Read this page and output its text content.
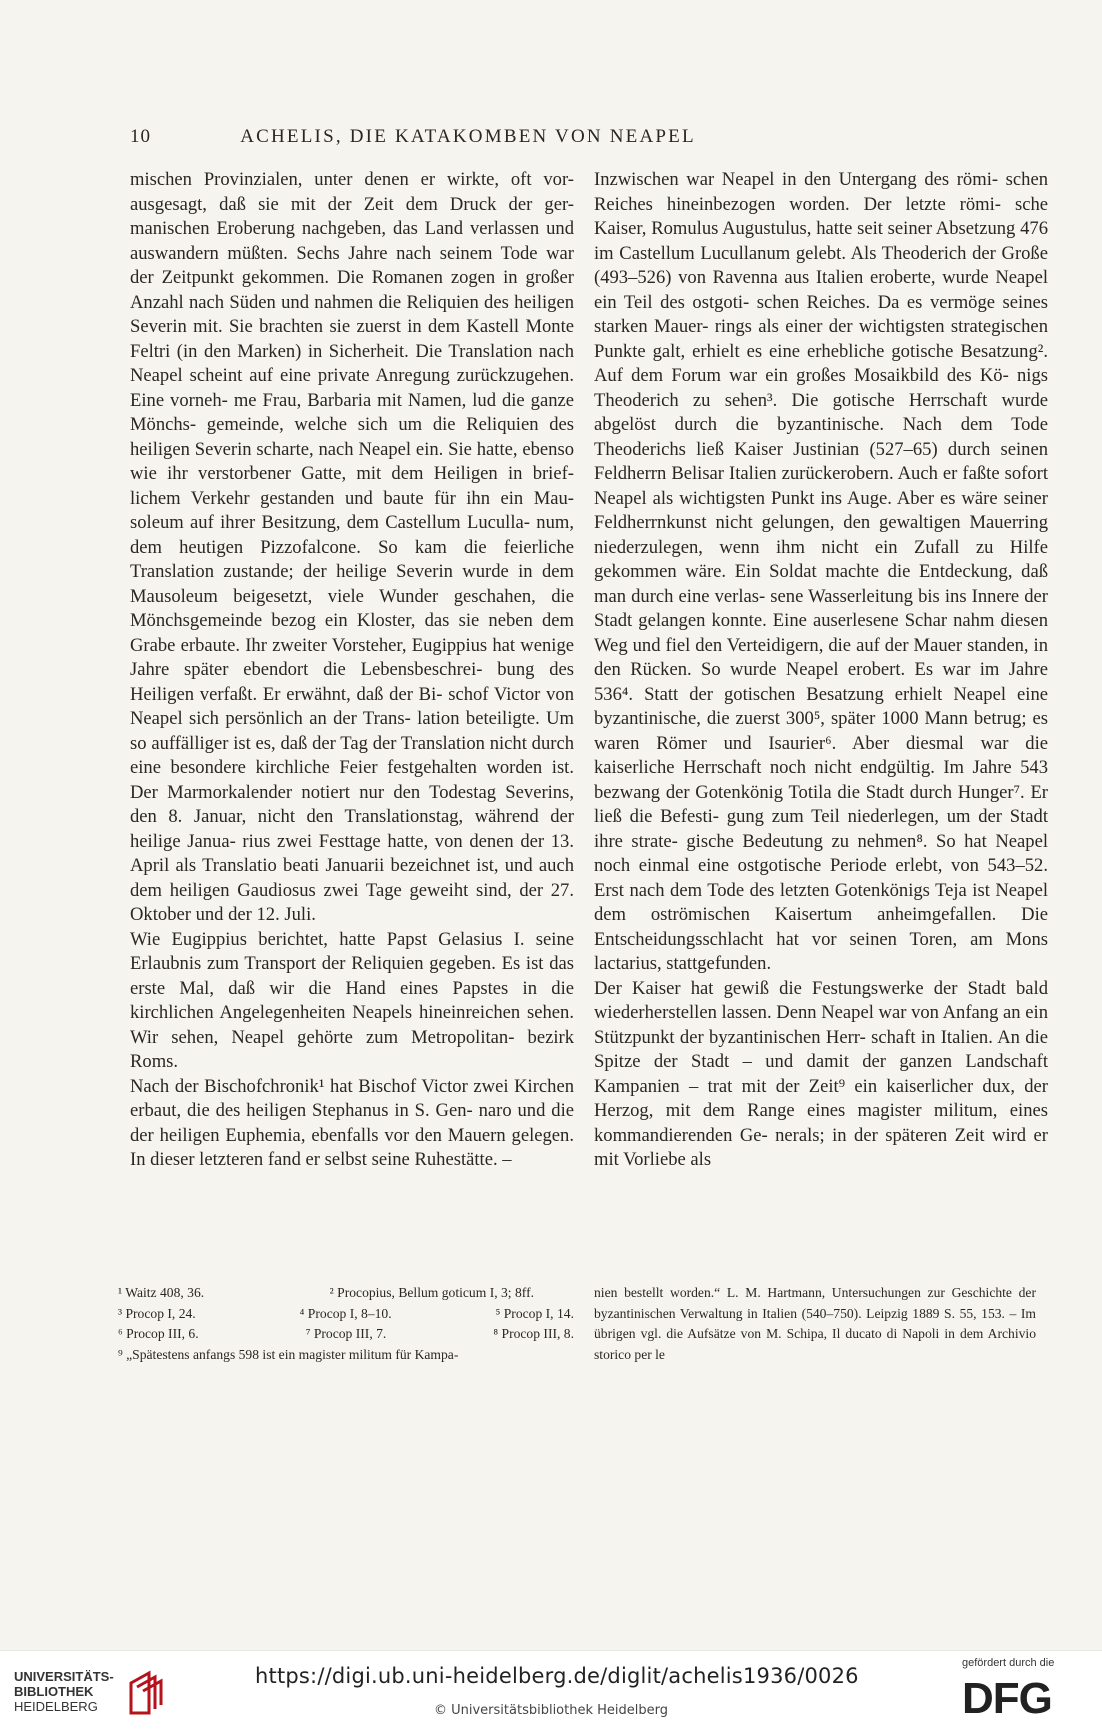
10	ACHELIS, DIE KATAKOMBEN VON NEAPEL

mischen Provinzialen, unter denen er wirkte, oft vor- ausgesagt, daß sie mit der Zeit dem Druck der ger- manischen Eroberung nachgeben, das Land verlassen und auswandern müßten. Sechs Jahre nach seinem Tode war der Zeitpunkt gekommen. Die Romanen zogen in großer Anzahl nach Süden und nahmen die Reliquien des heiligen Severin mit. Sie brachten sie zuerst in dem Kastell Monte Feltri (in den Marken) in Sicherheit. Die Translation nach Neapel scheint auf eine private Anregung zurückzugehen. Eine vorneh- me Frau, Barbaria mit Namen, lud die ganze Mönchs- gemeinde, welche sich um die Reliquien des heiligen Severin scharte, nach Neapel ein. Sie hatte, ebenso wie ihr verstorbener Gatte, mit dem Heiligen in brief- lichem Verkehr gestanden und baute für ihn ein Mau- soleum auf ihrer Besitzung, dem Castellum Luculla- num, dem heutigen Pizzofalcone. So kam die feierliche Translation zustande; der heilige Severin wurde in dem Mausoleum beigesetzt, viele Wunder geschahen, die Mönchsgemeinde bezog ein Kloster, das sie neben dem Grabe erbaute. Ihr zweiter Vorsteher, Eugippius hat wenige Jahre später ebendort die Lebensbeschrei- bung des Heiligen verfaßt. Er erwähnt, daß der Bi- schof Victor von Neapel sich persönlich an der Trans- lation beteiligte. Um so auffälliger ist es, daß der Tag der Translation nicht durch eine besondere kirchliche Feier festgehalten worden ist. Der Marmorkalender notiert nur den Todestag Severins, den 8. Januar, nicht den Translationstag, während der heilige Janua- rius zwei Festtage hatte, von denen der 13. April als Translatio beati Januarii bezeichnet ist, und auch dem heiligen Gaudiosus zwei Tage geweiht sind, der 27. Oktober und der 12. Juli.

Wie Eugippius berichtet, hatte Papst Gelasius I. seine Erlaubnis zum Transport der Reliquien gegeben. Es ist das erste Mal, daß wir die Hand eines Papstes in die kirchlichen Angelegenheiten Neapels hineinreichen sehen. Wir sehen, Neapel gehörte zum Metropolitan- bezirk Roms.

Nach der Bischofchronik¹ hat Bischof Victor zwei Kirchen erbaut, die des heiligen Stephanus in S. Gen- naro und die der heiligen Euphemia, ebenfalls vor den Mauern gelegen. In dieser letzteren fand er selbst seine Ruhestätte. –

Inzwischen war Neapel in den Untergang des römi- schen Reiches hineinbezogen worden. Der letzte römi- sche Kaiser, Romulus Augustulus, hatte seit seiner Absetzung 476 im Castellum Lucullanum gelebt. Als Theoderich der Große (493–526) von Ravenna aus Italien eroberte, wurde Neapel ein Teil des ostgoti- schen Reiches. Da es vermöge seines starken Mauer- rings als einer der wichtigsten strategischen Punkte galt, erhielt es eine erhebliche gotische Besatzung². Auf dem Forum war ein großes Mosaikbild des Kö- nigs Theoderich zu sehen³. Die gotische Herrschaft wurde abgelöst durch die byzantinische. Nach dem Tode Theoderichs ließ Kaiser Justinian (527–65) durch seinen Feldherrn Belisar Italien zurückerobern. Auch er faßte sofort Neapel als wichtigsten Punkt ins Auge. Aber es wäre seiner Feldherrnkunst nicht gelungen, den gewaltigen Mauerring niederzulegen, wenn ihm nicht ein Zufall zu Hilfe gekommen wäre. Ein Soldat machte die Entdeckung, daß man durch eine verlas- sene Wasserleitung bis ins Innere der Stadt gelangen konnte. Eine auserlesene Schar nahm diesen Weg und fiel den Verteidigern, die auf der Mauer standen, in den Rücken. So wurde Neapel erobert. Es war im Jahre 536⁴. Statt der gotischen Besatzung erhielt Neapel eine byzantinische, die zuerst 300⁵, später 1000 Mann betrug; es waren Römer und Isaurier⁶. Aber diesmal war die kaiserliche Herrschaft noch nicht endgültig. Im Jahre 543 bezwang der Gotenkönig Totila die Stadt durch Hunger⁷. Er ließ die Befesti- gung zum Teil niederlegen, um der Stadt ihre strate- gische Bedeutung zu nehmen⁸. So hat Neapel noch einmal eine ostgotische Periode erlebt, von 543–52. Erst nach dem Tode des letzten Gotenkönigs Teja ist Neapel dem oströmischen Kaisertum anheimgefallen. Die Entscheidungsschlacht hat vor seinen Toren, am Mons lactarius, stattgefunden.

Der Kaiser hat gewiß die Festungswerke der Stadt bald wiederherstellen lassen. Denn Neapel war von Anfang an ein Stützpunkt der byzantinischen Herr- schaft in Italien. An die Spitze der Stadt – und damit der ganzen Landschaft Kampanien – trat mit der Zeit⁹ ein kaiserlicher dux, der Herzog, mit dem Range eines magister militum, eines kommandierenden Ge- nerals; in der späteren Zeit wird er mit Vorliebe als

¹ Waitz 408, 36.	² Procopius, Bellum goticum I, 3; 8ff.
³ Procop I, 24.	⁴ Procop I, 8–10.	⁵ Procop I, 14.
⁶ Procop III, 6.	⁷ Procop III, 7.	⁸ Procop III, 8.
⁹ „Spätestens anfangs 598 ist ein magister militum für Kampa-
nien bestellt worden.“ L. M. Hartmann, Untersuchungen zur Geschichte der byzantinischen Verwaltung in Italien (540–750). Leipzig 1889 S. 55, 153. – Im übrigen vgl. die Aufsätze von M. Schipa, Il ducato di Napoli in dem Archivio storico per le
UNIVERSITÄTS-
BIBLIOTHEK
HEIDELBERG
https://digi.ub.uni-heidelberg.de/diglit/achelis1936/0026
© Universitätsbibliothek Heidelberg
gefördert durch die
DFG
